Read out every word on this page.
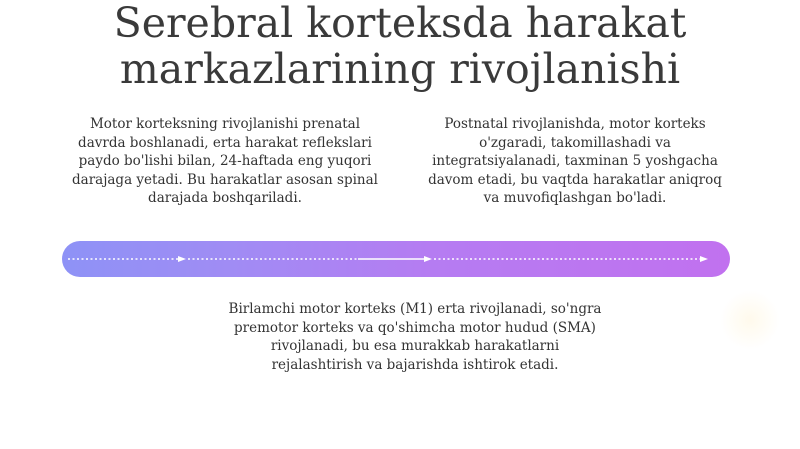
Serebral korteksda harakat
markazlarining rivojlanishi

Motor korteksning rivojlanishi prenatal davrda boshlanadi, erta harakat reflekslari paydo bo'lishi bilan, 24-haftada eng yuqori darajaga yetadi. Bu harakatlar asosan spinal darajada boshqariladi.

Postnatal rivojlanishda, motor korteks o'zgaradi, takomillashadi va integratsiyalanadi, taxminan 5 yoshgacha davom etadi, bu vaqtda harakatlar aniqroq va muvofiqlashgan bo'ladi.

Birlamchi motor korteks (M1) erta rivojlanadi, so'ngra premotor korteks va qo'shimcha motor hudud (SMA) rivojlanadi, bu esa murakkab harakatlarni rejalashtirish va bajarishda ishtirok etadi.
